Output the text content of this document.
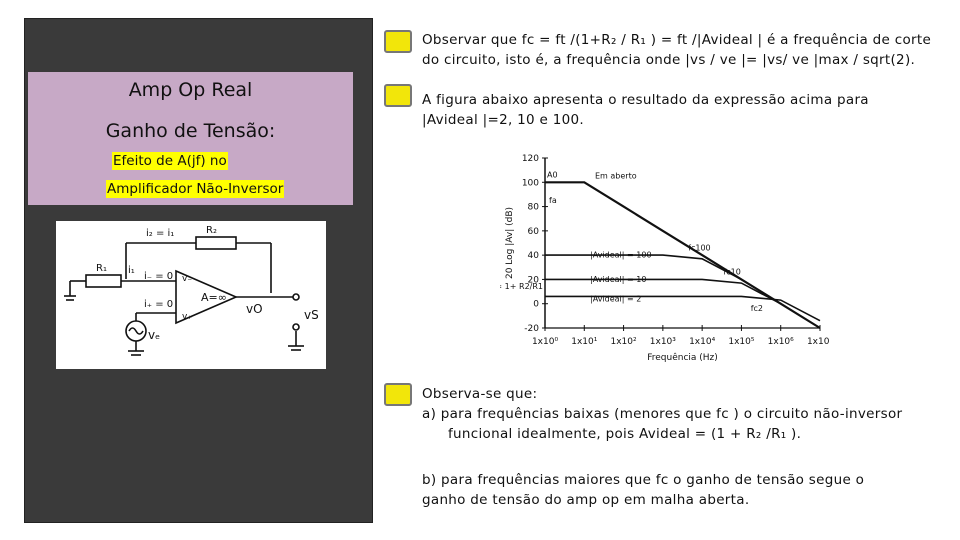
Amp Op Real
Ganho de Tensão:
Efeito de A(jf) no
Amplificador Não-Inversor
i₂ = i₁	R₂
R₁ i₁
i₋ = 0 v₋
i₊ = 0
v₊
A=∞
vO	vS
vₑ
Observar que fc = ft /(1+R₂ / R₁ ) = ft /|Avideal | é a frequência de corte
do circuito, isto é, a frequência onde |vs / ve |= |vs/ ve |max / sqrt(2).
A figura abaixo apresenta o resultado da expressão acima para
|Avideal |=2, 10 e 100.
120
100
80
60
40
20
0
-20
1x10⁰ 1x10¹ 1x10² 1x10³ 1x10⁴ 1x10⁵ 1x10⁶ 1x10
Frequência (Hz)
20 Log |Av| (dB)
Em aberto
|Avideal| = 100
|Avideal| = 10
|Avideal| = 2
fc100
fc10
fc2
A0
fa
1+ R2/R1
Observa-se que:
a) para frequências baixas (menores que fc ) o circuito não-inversor
funcional idealmente, pois Avideal = (1 + R₂ /R₁ ).
b) para frequências maiores que fc o ganho de tensão segue o
ganho de tensão do amp op em malha aberta.
